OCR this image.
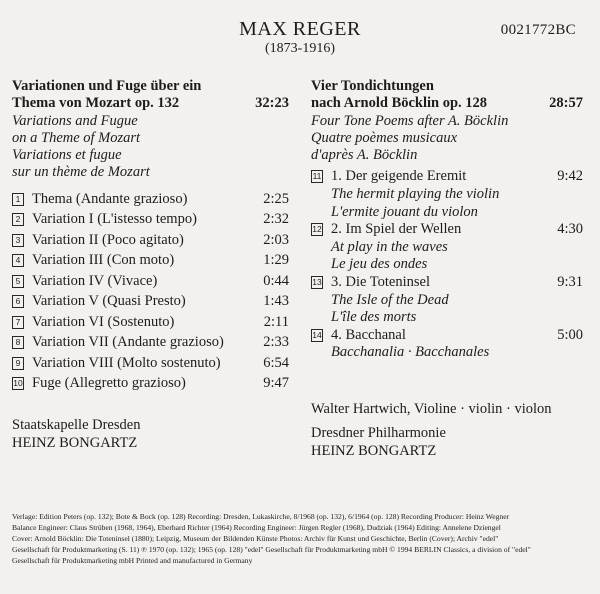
MAX REGER
(1873-1916)
0021772BC
Variationen und Fuge über ein
Thema von Mozart op. 132	32:23
Variations and Fugue
on a Theme of Mozart
Variations et fugue
sur un thème de Mozart
1 Thema (Andante grazioso)	2:25
2 Variation I (L'istesso tempo)	2:32
3 Variation II (Poco agitato)	2:03
4 Variation III (Con moto)	1:29
5 Variation IV (Vivace)	0:44
6 Variation V (Quasi Presto)	1:43
7 Variation VI (Sostenuto)	2:11
8 Variation VII (Andante grazioso)	2:33
9 Variation VIII (Molto sostenuto)	6:54
10 Fuge (Allegretto grazioso)	9:47
Staatskapelle Dresden
HEINZ BONGARTZ
Vier Tondichtungen
nach Arnold Böcklin op. 128	28:57
Four Tone Poems after A. Böcklin
Quatre poèmes musicaux
d'après A. Böcklin
11 1. Der geigende Eremit	9:42
The hermit playing the violin
L'ermite jouant du violon
12 2. Im Spiel der Wellen	4:30
At play in the waves
Le jeu des ondes
13 3. Die Toteninsel	9:31
The Isle of the Dead
L'île des morts
14 4. Bacchanal	5:00
Bacchanalia · Bacchanales
Walter Hartwich, Violine · violin · violon
Dresdner Philharmonie
HEINZ BONGARTZ
Verlage: Edition Peters (op. 132); Bote & Bock (op. 128) Recording: Dresden, Lukaskirche, 8/1968 (op. 132), 6/1964 (op. 128) Recording Producer: Heinz Wegner
Balance Engineer: Claus Strüben (1968, 1964), Eberhard Richter (1964) Recording Engineer: Jürgen Regler (1968), Dudziak (1964) Editing: Annelene Dziengel
Cover: Arnold Böcklin: Die Toteninsel (1880); Leipzig, Museum der Bildenden Künste Photos: Archiv für Kunst und Geschichte, Berlin (Cover); Archiv "edel"
Gesellschaft für Produktmarketing (S. 11) ℗ 1970 (op. 132); 1965 (op. 128) "edel" Gesellschaft für Produktmarketing mbH © 1994 BERLIN Classics, a division of "edel"
Gesellschaft für Produktmarketing mbH Printed and manufactured in Germany
